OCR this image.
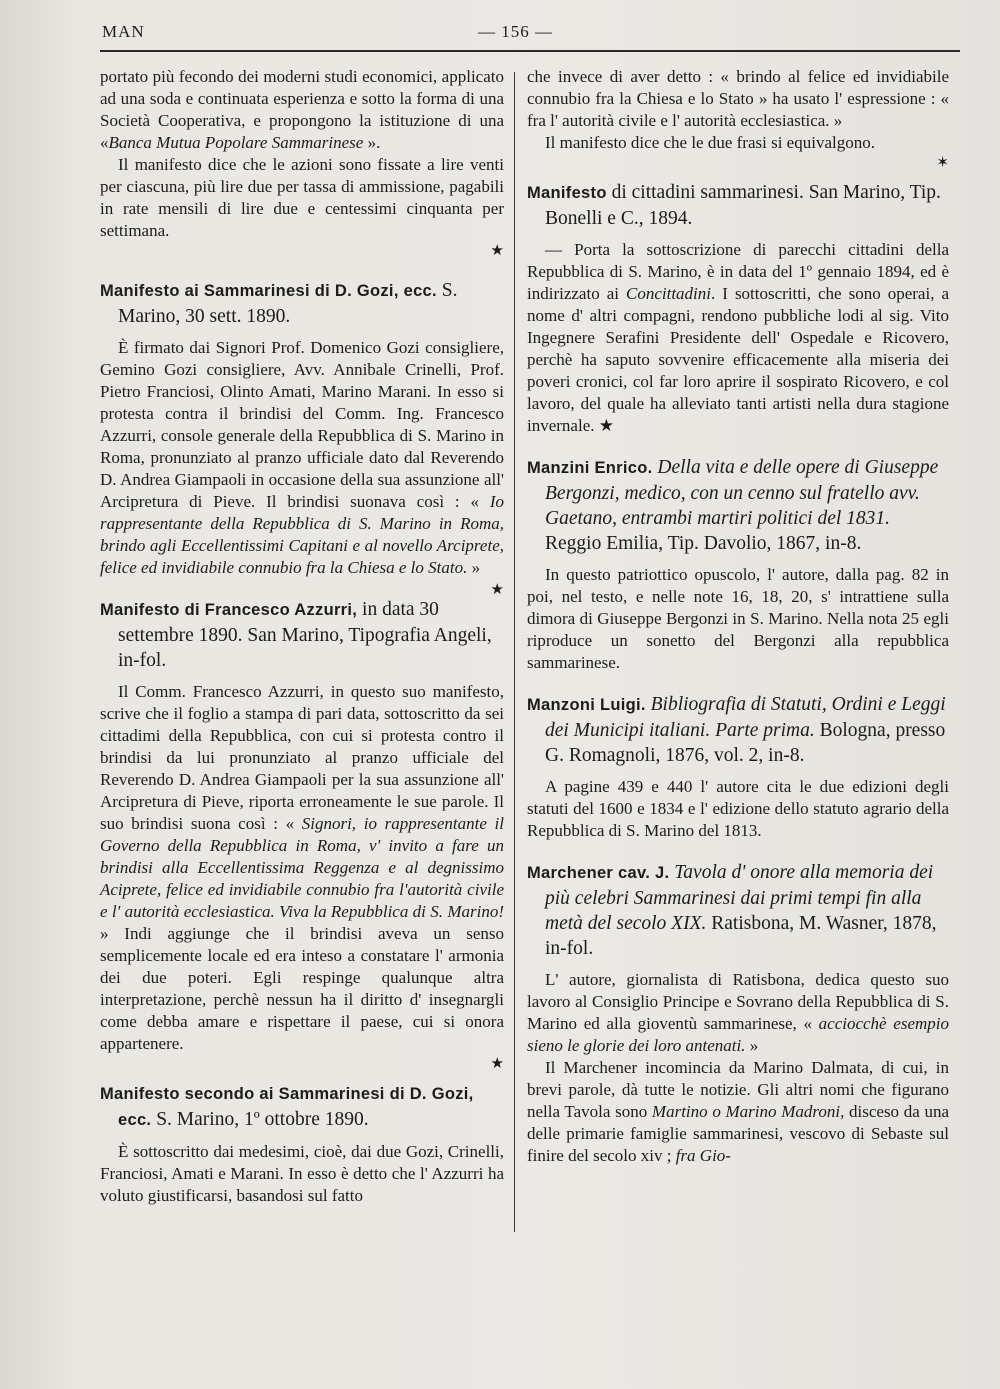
MAN	— 156 —

portato più fecondo dei moderni studi economici, applicato ad una soda e continuata esperienza e sotto la forma di una Società Cooperativa, e propongono la istituzione di una «Banca Mutua Popolare Sammarinese ».

Il manifesto dice che le azioni sono fissate a lire venti per ciascuna, più lire due per tassa di ammissione, pagabili in rate mensili di lire due e centessimi cinquanta per settimana.

★
Manifesto ai Sammarinesi di D. Gozi, ecc. S. Marino, 30 sett. 1890.

È firmato dai Signori Prof. Domenico Gozi consigliere, Gemino Gozi consigliere, Avv. Annibale Crinelli, Prof. Pietro Franciosi, Olinto Amati, Marino Marani. In esso si protesta contra il brindisi del Comm. Ing. Francesco Azzurri, console generale della Repubblica di S. Marino in Roma, pronunziato al pranzo ufficiale dato dal Reverendo D. Andrea Giampaoli in occasione della sua assunzione all' Arcipretura di Pieve. Il brindisi suonava così : « Io rappresentante della Repubblica di S. Marino in Roma, brindo agli Eccellentissimi Capitani e al novello Arciprete, felice ed invidiabile connubio fra la Chiesa e lo Stato. »
★

Manifesto di Francesco Azzurri, in data 30 settembre 1890. San Marino, Tipografia Angeli, in-fol.

Il Comm. Francesco Azzurri, in questo suo manifesto, scrive che il foglio a stampa di pari data, sottoscritto da sei cittadimi della Repubblica, con cui si protesta contro il brindisi da lui pronunziato al pranzo ufficiale del Reverendo D. Andrea Giampaoli per la sua assunzione all' Arcipretura di Pieve, riporta erroneamente le sue parole. Il suo brindisi suona così : « Signori, io rappresentante il Governo della Repubblica in Roma, v' invito a fare un brindisi alla Eccellentissima Reggenza e al degnissimo Aciprete, felice ed invidiabile connubio fra l'autorità civile e l' autorità ecclesiastica. Viva la Repubblica di S. Marino! » Indi aggiunge che il brindisi aveva un senso semplicemente locale ed era inteso a constatare l' armonia dei due poteri. Egli respinge qualunque altra interpretazione, perchè nessun ha il diritto d' insegnargli come debba amare e rispettare il paese, cui si onora appartenere.

★
Manifesto secondo ai Sammarinesi di D. Gozi, ecc. S. Marino, 1º ottobre 1890.

È sottoscritto dai medesimi, cioè, dai due Gozi, Crinelli, Franciosi, Amati e Marani. In esso è detto che l' Azzurri ha voluto giustificarsi, basandosi sul fatto

che invece di aver detto : « brindo al felice ed invidiabile connubio fra la Chiesa e lo Stato » ha usato l' espressione : « fra l' autorità civile e l' autorità ecclesiastica. »

Il manifesto dice che le due frasi si equivalgono.

✶
Manifesto di cittadini sammarinesi. San Marino, Tip. Bonelli e C., 1894.

— Porta la sottoscrizione di parecchi cittadini della Repubblica di S. Marino, è in data del 1º gennaio 1894, ed è indirizzato ai Concittadini. I sottoscritti, che sono operai, a nome d' altri compagni, rendono pubbliche lodi al sig. Vito Ingegnere Serafini Presidente dell' Ospedale e Ricovero, perchè ha saputo sovvenire efficacemente alla miseria dei poveri cronici, col far loro aprire il sospirato Ricovero, e col lavoro, del quale ha alleviato tanti artisti nella dura stagione invernale. ★

Manzini Enrico. Della vita e delle opere di Giuseppe Bergonzi, medico, con un cenno sul fratello avv. Gaetano, entrambi martiri politici del 1831. Reggio Emilia, Tip. Davolio, 1867, in-8.

In questo patriottico opuscolo, l' autore, dalla pag. 82 in poi, nel testo, e nelle note 16, 18, 20, s' intrattiene sulla dimora di Giuseppe Bergonzi in S. Marino. Nella nota 25 egli riproduce un sonetto del Bergonzi alla repubblica sammarinese.

Manzoni Luigi. Bibliografia di Statuti, Ordini e Leggi dei Municipi italiani. Parte prima. Bologna, presso G. Romagnoli, 1876, vol. 2, in-8.

A pagine 439 e 440 l' autore cita le due edizioni degli statuti del 1600 e 1834 e l' edizione dello statuto agrario della Repubblica di S. Marino del 1813.

Marchener cav. J. Tavola d' onore alla memoria dei più celebri Sammarinesi dai primi tempi fin alla metà del secolo XIX. Ratisbona, M. Wasner, 1878, in-fol.

L' autore, giornalista di Ratisbona, dedica questo suo lavoro al Consiglio Principe e Sovrano della Repubblica di S. Marino ed alla gioventù sammarinese, « acciocchè esempio sieno le glorie dei loro antenati. »

Il Marchener incomincia da Marino Dalmata, di cui, in brevi parole, dà tutte le notizie. Gli altri nomi che figurano nella Tavola sono Martino o Marino Madroni, disceso da una delle primarie famiglie sammarinesi, vescovo di Sebaste sul finire del secolo xiv ; fra Gio-
